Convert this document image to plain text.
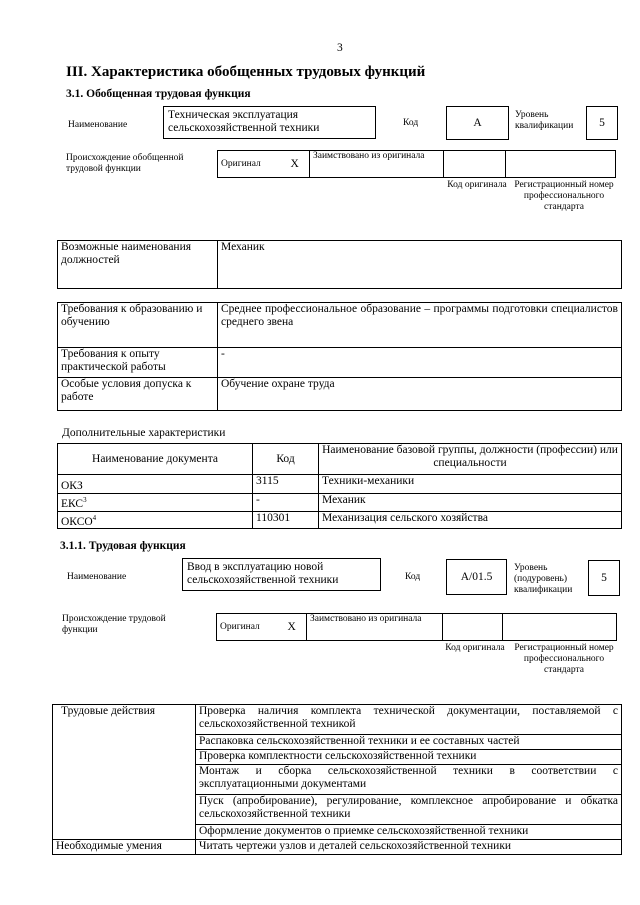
3
III. Характеристика обобщенных трудовых функций
3.1. Обобщенная трудовая функция
Наименование
Техническая эксплуатация сельскохозяйственной техники	Код	А
Уровень квалификации	5
Происхождение обобщенной трудовой функции
Оригинал	Х	Заимствовано из оригинала		
Код оригинала Регистрационный номер профессионального стандарта
Возможные наименования должностей	Механик
Требования к образованию и обучению	Среднее профессиональное образование – программы подготовки специалистов среднего звена
Требования к опыту практической работы	-
Особые условия допуска к работе	Обучение охране труда
Дополнительные характеристики
Наименование документа	Код	Наименование базовой группы, должности (профессии) или специальности
ОКЗ	3115	Техники-механики
ЕКС$^3$	-	Механик
ОКСО$^4$	110301	Механизация сельского хозяйства
3.1.1. Трудовая функция
Наименование
Ввод в эксплуатацию новой сельскохозяйственной техники	Код	А/01.5
Уровень (подуровень) квалификации
5
Происхождение трудовой функции	Оригинал	Х	Заимствовано из оригинала		
Код оригинала	Регистрационный номер профессионального стандарта
Трудовые действия	Проверка наличия комплекта технической документации, поставляемой с сельскохозяйственной техникой
	Распаковка сельскохозяйственной техники и ее составных частей
	Проверка комплектности сельскохозяйственной техники
	Монтаж и сборка сельскохозяйственной техники в соответствии с эксплуатационными документами
	Пуск (апробирование), регулирование, комплексное апробирование и обкатка сельскохозяйственной техники
	Оформление документов о приемке сельскохозяйственной техники
Необходимые умения	Читать чертежи узлов и деталей сельскохозяйственной техники
